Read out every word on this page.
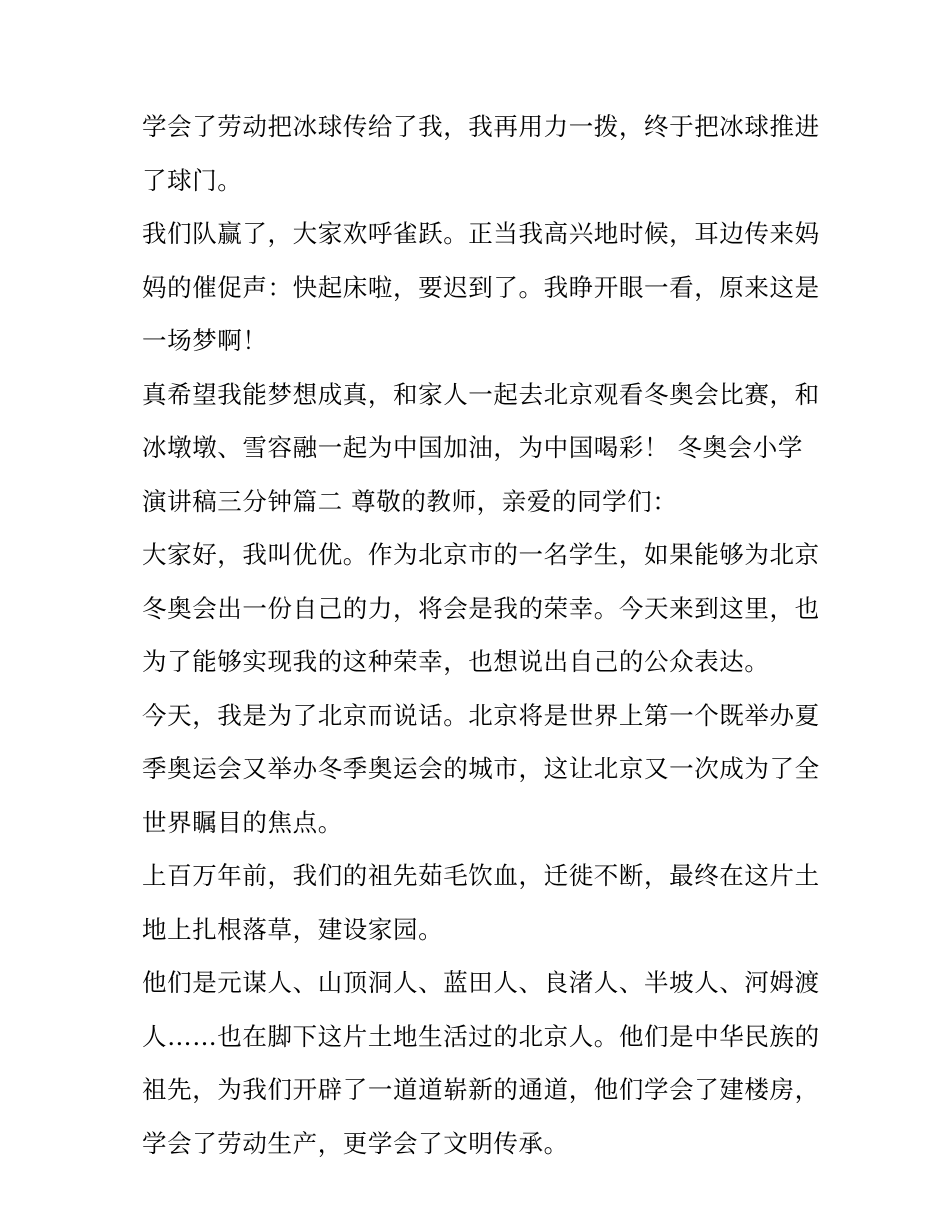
学会了劳动把冰球传给了我，我再用力一拨，终于把冰球推进
了球门。
我们队赢了，大家欢呼雀跃。正当我高兴地时候，耳边传来妈
妈的催促声：快起床啦，要迟到了。我睁开眼一看，原来这是
一场梦啊！
真希望我能梦想成真，和家人一起去北京观看冬奥会比赛，和
冰墩墩、雪容融一起为中国加油，为中国喝彩！ 冬奥会小学
演讲稿三分钟篇二 尊敬的教师，亲爱的同学们：
大家好，我叫优优。作为北京市的一名学生，如果能够为北京
冬奥会出一份自己的力，将会是我的荣幸。今天来到这里，也
为了能够实现我的这种荣幸，也想说出自己的公众表达。
今天，我是为了北京而说话。北京将是世界上第一个既举办夏
季奥运会又举办冬季奥运会的城市，这让北京又一次成为了全
世界瞩目的焦点。
上百万年前，我们的祖先茹毛饮血，迁徙不断，最终在这片土
地上扎根落草，建设家园。
他们是元谋人、山顶洞人、蓝田人、良渚人、半坡人、河姆渡
人……也在脚下这片土地生活过的北京人。他们是中华民族的
祖先，为我们开辟了一道道崭新的通道，他们学会了建楼房，
学会了劳动生产，更学会了文明传承。
